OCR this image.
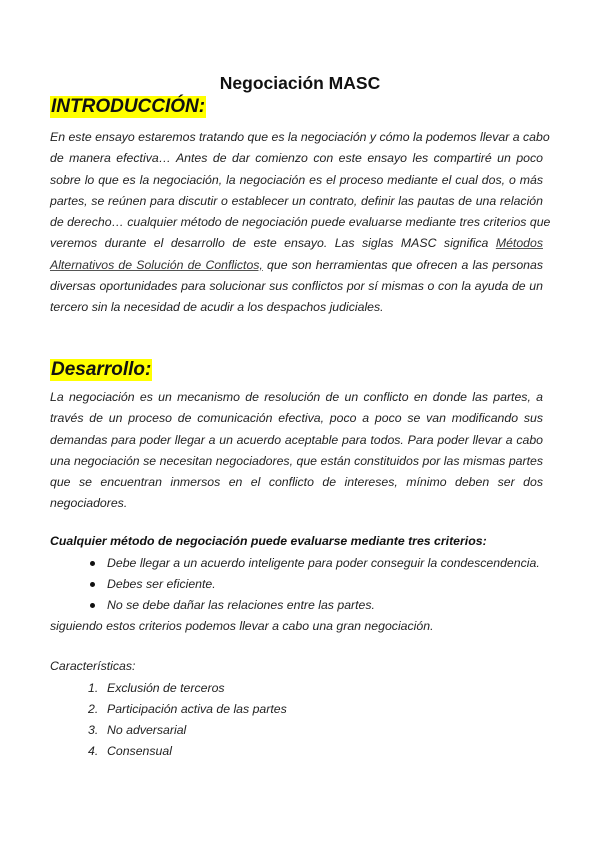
Negociación MASC
INTRODUCCIÓN:
En este ensayo estaremos tratando que es la negociación y cómo la podemos llevar a cabo
de manera efectiva… Antes de dar comienzo con este ensayo les compartiré un poco
sobre lo que es la negociación, la negociación es el proceso mediante el cual dos, o más
partes, se reúnen para discutir o establecer un contrato, definir las pautas de una relación
de derecho… cualquier método de negociación puede evaluarse mediante tres criterios que
veremos durante el desarrollo de este ensayo. Las siglas MASC significa Métodos
Alternativos de Solución de Conflictos, que son herramientas que ofrecen a las personas
diversas oportunidades para solucionar sus conflictos por sí mismas o con la ayuda de un
tercero sin la necesidad de acudir a los despachos judiciales.
Desarrollo:
La negociación es un mecanismo de resolución de un conflicto en donde las partes, a
través de un proceso de comunicación efectiva, poco a poco se van modificando sus
demandas para poder llegar a un acuerdo aceptable para todos. Para poder llevar a cabo
una negociación se necesitan negociadores, que están constituidos por las mismas partes
que se encuentran inmersos en el conflicto de intereses, mínimo deben ser dos
negociadores.
Cualquier método de negociación puede evaluarse mediante tres criterios:
Debe llegar a un acuerdo inteligente para poder conseguir la condescendencia.
Debes ser eficiente.
No se debe dañar las relaciones entre las partes.
siguiendo estos criterios podemos llevar a cabo una gran negociación.
Características:
1. Exclusión de terceros
2. Participación activa de las partes
3. No adversarial
4. Consensual
